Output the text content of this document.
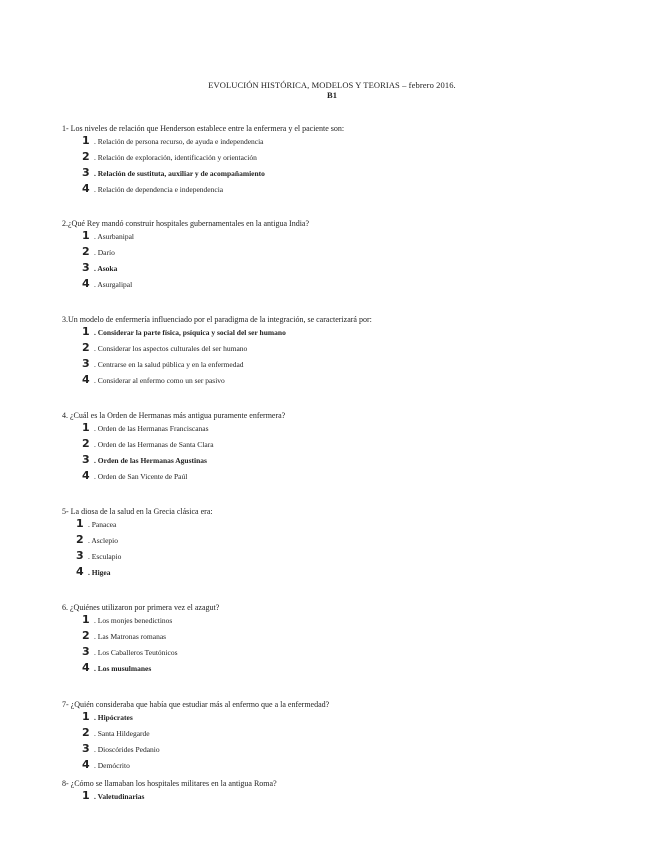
EVOLUCIÓN HISTÓRICA, MODELOS Y TEORIAS – febrero 2016.
B1
1- Los niveles de relación que Henderson establece entre la enfermera y el paciente son:
1 . Relación de persona recurso, de ayuda e independencia
2 . Relación de exploración, identificación y orientación
3 . Relación de sustituta, auxiliar y de acompañamiento
4 . Relación de dependencia e independencia
2.¿Qué Rey mandó construir hospitales gubernamentales en la antigua India?
1 . Asurbanipal
2 . Darío
3 . Asoka
4 . Asurgalipal
3.Un modelo de enfermería influenciado por el paradigma de la integración, se caracterizará por:
1 . Considerar la parte física, psíquica y social del ser humano
2 . Considerar los aspectos culturales del ser humano
3 . Centrarse en la salud pública y en la enfermedad
4 . Considerar al enfermo como un ser pasivo
4. ¿Cuál es la Orden de Hermanas más antigua puramente enfermera?
1 . Orden de las Hermanas Franciscanas
2 . Orden de las Hermanas de Santa Clara
3 . Orden de las Hermanas Agustinas
4 . Orden de San Vicente de Paúl
5- La diosa de la salud en la Grecia clásica era:
1 . Panacea
2 . Asclepio
3 . Esculapio
4 . Higea
6. ¿Quiénes utilizaron por primera vez el azagut?
1 . Los monjes benedictinos
2 . Las Matronas romanas
3 . Los Caballeros Teutónicos
4 . Los musulmanes
7- ¿Quién consideraba que había que estudiar más al enfermo que a la enfermedad?
1 . Hipócrates
2 . Santa Hildegarde
3 . Dioscórides Pedanio
4 . Demócrito
8- ¿Cómo se llamaban los hospitales militares en la antigua Roma?
1 . Valetudinarias
